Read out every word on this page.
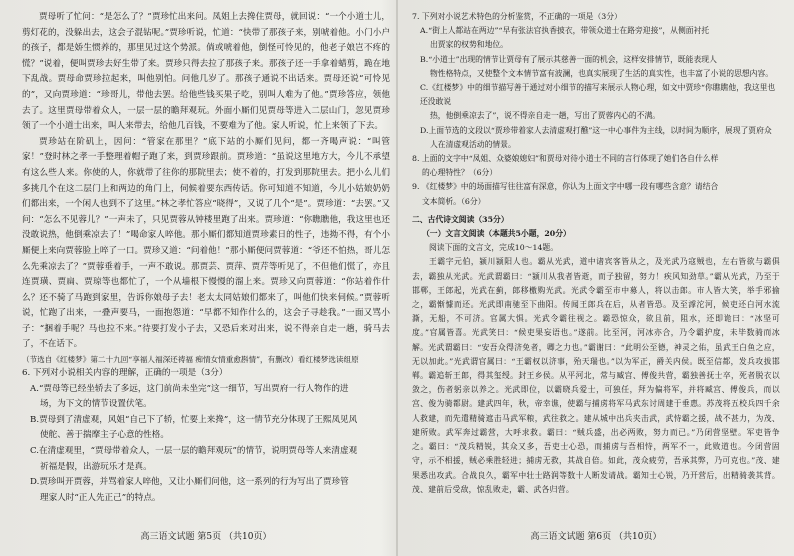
贾母听了忙问：“是怎么了？”贾珍忙出来问。凤姐上去搀住贾母，就回说：“一个小道士儿，剪灯花的，没躲出去，这会子混钻呢。”贾珍听说，忙道：“快带了那孩子来，别唬着他。小门小户的孩子，都是娇生惯养的，那里见过这个势派。倘或唬着他，倒怪可怜见的，他老子娘岂不疼的慌？”说着，便叫贾珍去好生带了来。贾珍只得去拉了那孩子来。那孩子还一手拿着蜡剪，跪在地下乱战。贾母命贾珍拉起来，叫他别怕。问他几岁了。那孩子通说不出话来。贾母还说“可怜见的”，又向贾珍道：“珍哥儿，带他去罢。给他些钱买果子吃，别叫人难为了他。”贾珍答应，领他去了。这里贾母带着众人，一层一层的瞻拜观玩。外面小厮们见贾母等进入二层山门，忽见贾珍领了一个小道士出来，叫人来带去，给他几百钱，不要难为了他。家人听说，忙上来领了下去。

贾珍站在阶矶上，因问：“管家在那里？”底下站的小厮们见问，都一齐喝声说：“叫管家！”登时林之孝一手整理着帽子跑了来，到贾珍跟前。贾珍道：“虽说这里地方大，今儿不承望有这么些人来。你使的人，你就带了往你的那院里去；使不着的，打发到那院里去。把小么儿们多挑几个在这二层门上和两边的角门上，伺候着要东西传话。你可知道不知道，今儿小姑娘奶奶们都出来，一个闲人也到不了这里。”林之孝忙答应“晓得”，又说了几个“是”。贾珍道：“去罢。”又问：“怎么不见蓉儿？”一声未了，只见贾蓉从钟楼里跑了出来。贾珍道：“你瞧瞧他，我这里也还没敢说热，他倒乘凉去了！”喝命家人啐他。那小厮们都知道贾珍素日的性子，违拗不得，有个小厮便上来向贾蓉脸上啐了一口。贾珍又道：“问着他！”那小厮便问贾蓉道：“爷还不怕热，哥儿怎么先乘凉去了？”贾蓉垂着手，一声不敢说。那贾芸、贾萍、贾芹等听见了，不但他们慌了，亦且连贾璜、贾扁、贾琼等也都忙了，一个从墙根下慢慢的溜上来。贾珍又向贾蓉道：“你站着作什么？还不骑了马跑到家里，告诉你娘母子去！老太太同姑娘们都来了，叫他们快来伺候。”贾蓉听说，忙跑了出来，一叠声要马，一面抱怨道：“早都不知作什么的，这会子寻趁我。”一面又骂小子：“捆着手呢？马也拉不来。”待要打发小子去，又恐后来对出来，说不得亲自走一趟，骑马去了，不在话下。

（节选自《红楼梦》第二十九回“享福人福深还祷福 痴情女情重愈斟情”，有删改）看红楼梦选读组原

6. 下列对小说相关内容的理解，正确的一项是（3分）

A.“贾母等已经坐轿去了多远，这门前尚未坐完”这一细节，写出贾府一行人物作的进
场，为下文的情节设置伏笔。

B.贾母到了清虚观，风姐“自己下了轿，忙要上来搀”，这一情节充分体现了王熙凤见风
使舵、善于揣摩主子心意的性格。

C.在清虚观里，“贾母带着众人，一层一层的瞻拜观玩”的情节，说明贾母等人来清虚观
祈福是假，出游玩乐才是真。

D.贾珍叫开贾蓉，并骂着家人啐他，又让小厮们问他，这一系列的行为写出了贾珍管
理家人时“正人先正己”的特点。

高三语文试题 第5页 （共10页）

7. 下列对小说艺术特色的分析鉴赏，不正确的一项是（3分）

A.“街上人都站在两边”“早有张法官执香披衣，带领众道士在路旁迎接”，从侧面衬托
出贾家的权势和地位。

B.“小道士”出现的情节让贾母有了展示其慈善一面的机会，这样安排情节，既能表现人
物性格特点，又使整个文本情节富有波澜，也真实展现了生活的真实性，也丰富了小说的思想内容。

C.《红楼梦》中的细节描写善于通过对小细节的描写来展示人物心理，如文中贾珍“你瞧瞧他，我这里也还没敢说
热，他倒乘凉去了”，说不得亲自走一趟，写出了贾蓉内心的不满。

D.上面节选的文段以“贾珍带着家人去清虚观打醮”这一中心事件为主线，以时间为顺序，展现了贾府众
人在清虚观活动的情景。

8. 上面的文字中“凤姐、众婆娘媳妇”和贾母对待小道士不同的言行体现了她们各自什么样
的心理特性？（6分）

9. 《红楼梦》中的场面描写往往富有深意，你认为上面文字中哪一段有哪些含意？请结合
文本简析。（6分）

二、古代诗文阅读（35分）

（一）文言文阅读（本题共5小题，20分）

阅读下面的文言文，完成10～14题。

王霸字元伯，颍川颍阳人也。霸从光武，道中诸宾客皆从之，及光武乃寇贼也，左右皆欲与霸俱去，霸独从光武。光武谓霸曰：“颍川从我者皆逝，而子独留，努力！疾风知劲草。”霸从光武，乃至于邯郸，王郎起，光武在蓟，郎移檄购光武。光武令霸至市中募人，将以击郎。市人皆大笑，举手邪揄之，霸惭懅而还。光武即南驰至下曲阳。传闻王郎兵在后，从者皆恐。及至滹沱河，候吏还白河水流澌，无船，不可济。官属大惧。光武令霸往视之。霸恐惊众，欲且前，阻水，还即诡曰：“冰坚可度。”官属皆喜。光武笑曰：“候吏果妄语也。”遂前。比至河，河冰亦合，乃令霸护度，未毕数骑而冰解。光武谓霸曰：“安吾众得济免者，卿之力也。”霸谢曰：“此明公至德，神灵之佑，虽武王白鱼之应，无以加此。”光武谓官属曰：“王霸权以济事，殆天瑞也。”以为军正，爵关内侯。既至信都，发兵攻拔邯郸。霸追斩王郎，得其玺绶。封王乡侯。从平河北，常与臧宫、傅俊共营，霸独善抚士卒，死者脱衣以敛之，伤者躬亲以养之。光武即位，以霸晓兵爱士，可独任，拜为偏将军，并将臧宫、傅俊兵，而以宫、俊为骑都尉。建武四年，秋，帝幸谯，使霸与捕虏将军马武东讨周建于垂惠。苏茂将五校兵四千余人救建，而先遣精骑遮击马武军粮，武往救之。建从城中出兵夹击武，武恃霸之援，战不甚力，为茂、建所败。武军奔过霸营，大呼求救。霸曰：“贼兵盛，出必两败，努力而已。”乃闭营坚壁。军吏皆争之。霸曰：“茂兵精锐，其众又多，吾吏士心恐，而捕虏与吾相恃，两军不一，此败道也。今闭营固守，示不相援，贼必乘胜轻进；捕虏无救，其战自倍。如此，茂众疲劳，吾承其弊，乃可克也。”茂、建果悉出攻武。合战良久，霸军中壮士路润等数十人断发请战。霸知士心锐，乃开营后，出精骑袭其背。茂、建前后受敌，惊乱败走，霸、武各归营。

高三语文试题 第6页 （共10页）
